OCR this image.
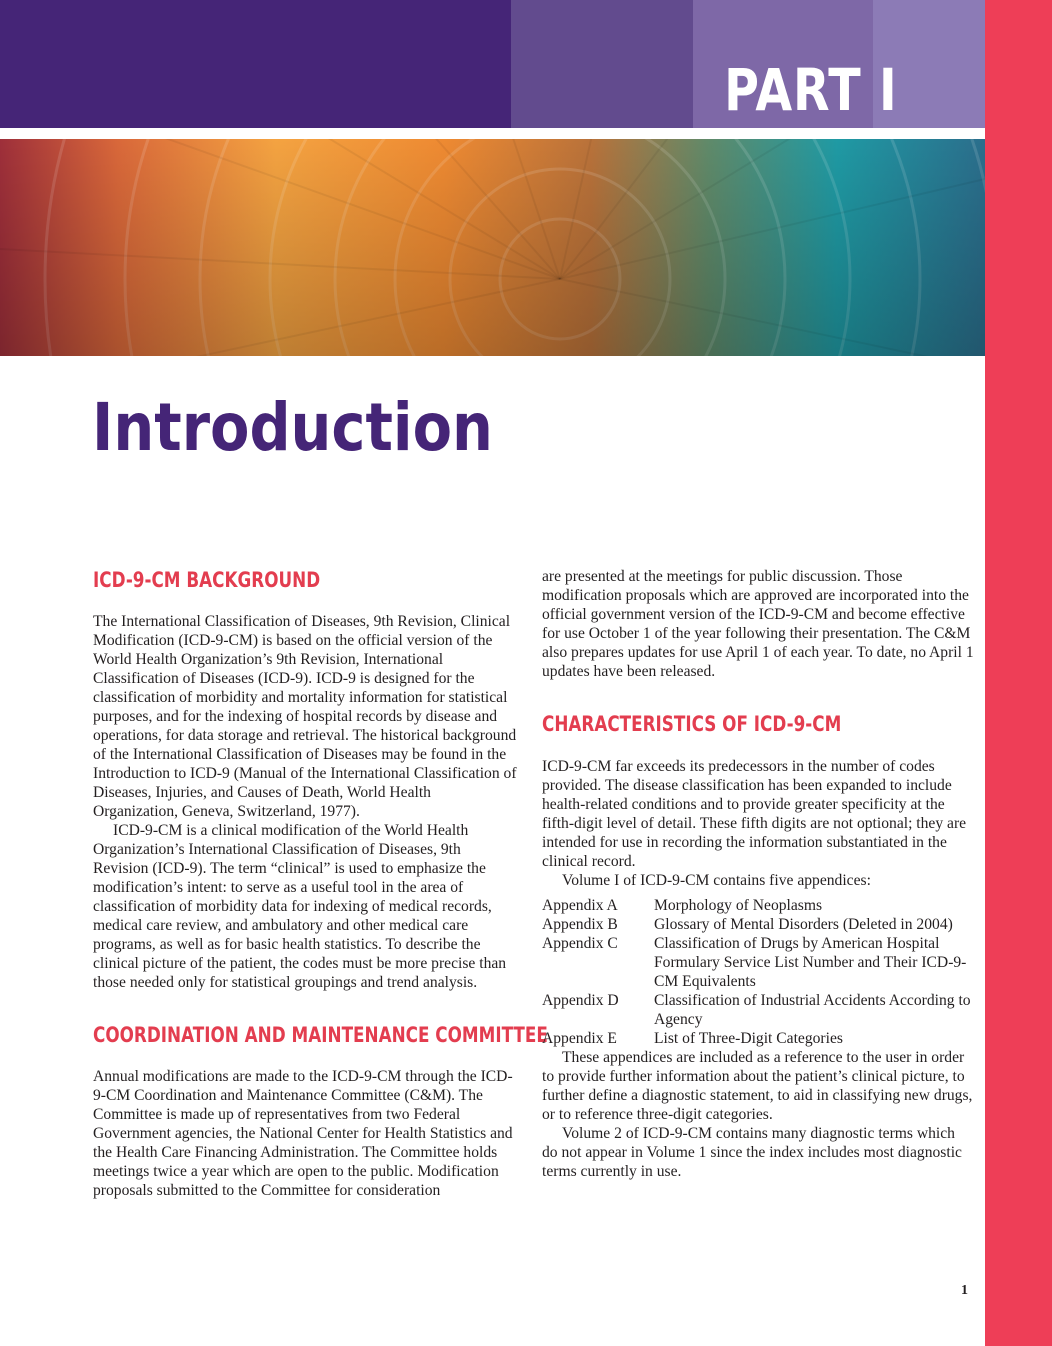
PART I
Introduction
ICD-9-CM BACKGROUND

The International Classification of Diseases, 9th Revision, Clinical Modification (ICD-9-CM) is based on the official version of the World Health Organization’s 9th Revision, International Classification of Diseases (ICD-9). ICD-9 is designed for the classification of morbidity and mortality information for statistical purposes, and for the indexing of hospital records by disease and operations, for data storage and retrieval. The historical background of the International Classification of Diseases may be found in the Introduction to ICD-9 (Manual of the International Classification of Diseases, Injuries, and Causes of Death, World Health Organization, Geneva, Switzerland, 1977).

ICD-9-CM is a clinical modification of the World Health Organization’s International Classification of Diseases, 9th Revision (ICD-9). The term “clinical” is used to emphasize the modification’s intent: to serve as a useful tool in the area of classification of morbidity data for indexing of medical records, medical care review, and ambulatory and other medical care programs, as well as for basic health statistics. To describe the clinical picture of the patient, the codes must be more precise than those needed only for statistical groupings and trend analysis.

COORDINATION AND MAINTENANCE COMMITTEE

Annual modifications are made to the ICD-9-CM through the ICD-9-CM Coordination and Maintenance Committee (C&M). The Committee is made up of representatives from two Federal Government agencies, the National Center for Health Statistics and the Health Care Financing Administration. The Committee holds meetings twice a year which are open to the public. Modification proposals submitted to the Committee for consideration

are presented at the meetings for public discussion. Those modification proposals which are approved are incorporated into the official government version of the ICD-9-CM and become effective for use October 1 of the year following their presentation. The C&M also prepares updates for use April 1 of each year. To date, no April 1 updates have been released.

CHARACTERISTICS OF ICD-9-CM

ICD-9-CM far exceeds its predecessors in the number of codes provided. The disease classification has been expanded to include health-related conditions and to provide greater specificity at the fifth-digit level of detail. These fifth digits are not optional; they are intended for use in recording the information substantiated in the clinical record.

Volume I of ICD-9-CM contains five appendices:

Appendix A	Morphology of Neoplasms
Appendix B	Glossary of Mental Disorders (Deleted in 2004)
Appendix C	Classification of Drugs by American Hospital Formulary Service List Number and Their ICD-9-CM Equivalents
Appendix D	Classification of Industrial Accidents According to Agency
Appendix E	List of Three-Digit Categories

These appendices are included as a reference to the user in order to provide further information about the patient’s clinical picture, to further define a diagnostic statement, to aid in classifying new drugs, or to reference three-digit categories.

Volume 2 of ICD-9-CM contains many diagnostic terms which do not appear in Volume 1 since the index includes most diagnostic terms currently in use.

1
